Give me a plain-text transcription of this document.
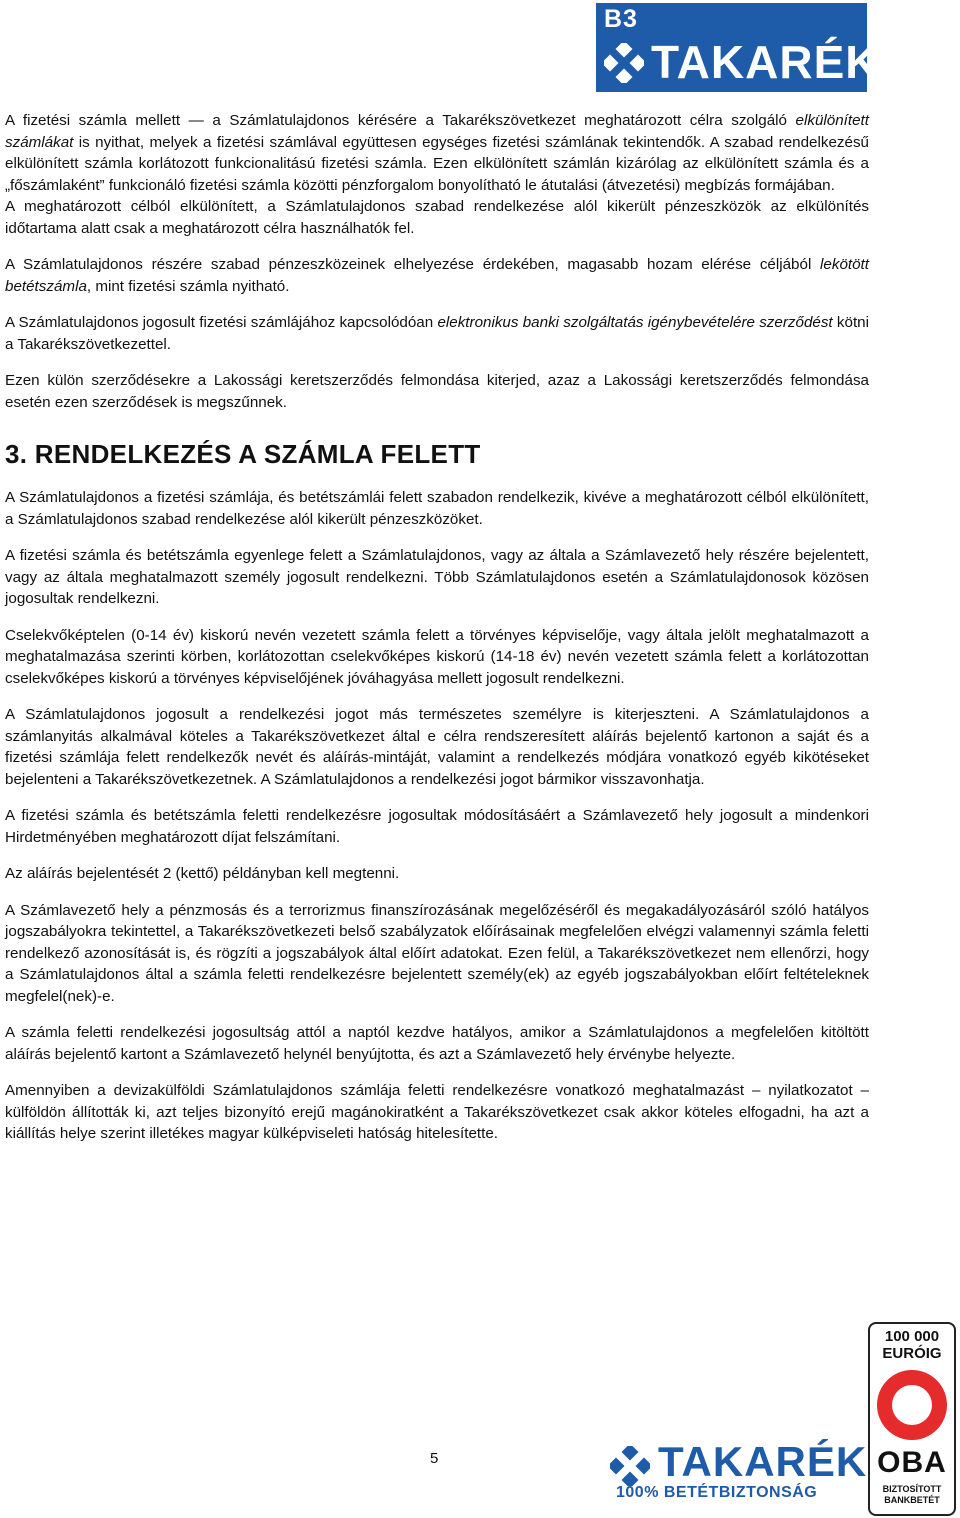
B3
TAKARÉK

A fizetési számla mellett — a Számlatulajdonos kérésére a Takarékszövetkezet meghatározott célra szolgáló elkülönített számlákat is nyithat, melyek a fizetési számlával együttesen egységes fizetési számlának tekintendők. A szabad rendelkezésű elkülönített számla korlátozott funkcionalitású fizetési számla. Ezen elkülönített számlán kizárólag az elkülönített számla és a „főszámlaként” funkcionáló fizetési számla közötti pénzforgalom bonyolítható le átutalási (átvezetési) megbízás formájában.

A meghatározott célból elkülönített, a Számlatulajdonos szabad rendelkezése alól kikerült pénzeszközök az elkülönítés időtartama alatt csak a meghatározott célra használhatók fel.

A Számlatulajdonos részére szabad pénzeszközeinek elhelyezése érdekében, magasabb hozam elérése céljából lekötött betétszámla, mint fizetési számla nyitható.

A Számlatulajdonos jogosult fizetési számlájához kapcsolódóan elektronikus banki szolgáltatás igénybevételére szerződést kötni a Takarékszövetkezettel.

Ezen külön szerződésekre a Lakossági keretszerződés felmondása kiterjed, azaz a Lakossági keretszerződés felmondása esetén ezen szerződések is megszűnnek.

3. RENDELKEZÉS A SZÁMLA FELETT

A Számlatulajdonos a fizetési számlája, és betétszámlái felett szabadon rendelkezik, kivéve a meghatározott célból elkülönített, a Számlatulajdonos szabad rendelkezése alól kikerült pénzeszközöket.

A fizetési számla és betétszámla egyenlege felett a Számlatulajdonos, vagy az általa a Számlavezető hely részére bejelentett, vagy az általa meghatalmazott személy jogosult rendelkezni. Több Számlatulajdonos esetén a Számlatulajdonosok közösen jogosultak rendelkezni.

Cselekvőképtelen (0-14 év) kiskorú nevén vezetett számla felett a törvényes képviselője, vagy általa jelölt meghatalmazott a meghatalmazása szerinti körben, korlátozottan cselekvőképes kiskorú (14-18 év) nevén vezetett számla felett a korlátozottan cselekvőképes kiskorú a törvényes képviselőjének jóváhagyása mellett jogosult rendelkezni.

A Számlatulajdonos jogosult a rendelkezési jogot más természetes személyre is kiterjeszteni. A Számlatulajdonos a számlanyitás alkalmával köteles a Takarékszövetkezet által e célra rendszeresített aláírás bejelentő kartonon a saját és a fizetési számlája felett rendelkezők nevét és aláírás-mintáját, valamint a rendelkezés módjára vonatkozó egyéb kikötéseket bejelenteni a Takarékszövetkezetnek. A Számlatulajdonos a rendelkezési jogot bármikor visszavonhatja.

A fizetési számla és betétszámla feletti rendelkezésre jogosultak módosításáért a Számlavezető hely jogosult a mindenkori Hirdetményében meghatározott díjat felszámítani.

Az aláírás bejelentését 2 (kettő) példányban kell megtenni.

A Számlavezető hely a pénzmosás és a terrorizmus finanszírozásának megelőzéséről és megakadályozásáról szóló hatályos jogszabályokra tekintettel, a Takarékszövetkezeti belső szabályzatok előírásainak megfelelően elvégzi valamennyi számla feletti rendelkező azonosítását is, és rögzíti a jogszabályok által előírt adatokat. Ezen felül, a Takarékszövetkezet nem ellenőrzi, hogy a Számlatulajdonos által a számla feletti rendelkezésre bejelentett személy(ek) az egyéb jogszabályokban előírt feltételeknek megfelel(nek)-e.

A számla feletti rendelkezési jogosultság attól a naptól kezdve hatályos, amikor a Számlatulajdonos a megfelelően kitöltött aláírás bejelentő kartont a Számlavezető helynél benyújtotta, és azt a Számlavezető hely érvénybe helyezte.

Amennyiben a devizakülföldi Számlatulajdonos számlája feletti rendelkezésre vonatkozó meghatalmazást – nyilatkozatot – külföldön állították ki, azt teljes bizonyító erejű magánokiratként a Takarékszövetkezet csak akkor köteles elfogadni, ha azt a kiállítás helye szerint illetékes magyar külképviseleti hatóság hitelesítette.

5	TAKARÉK
100% BETÉTBIZTONSÁG
100 000
EURÓIG
OBA
BIZTOSÍTOTT
BANKBETÉT
